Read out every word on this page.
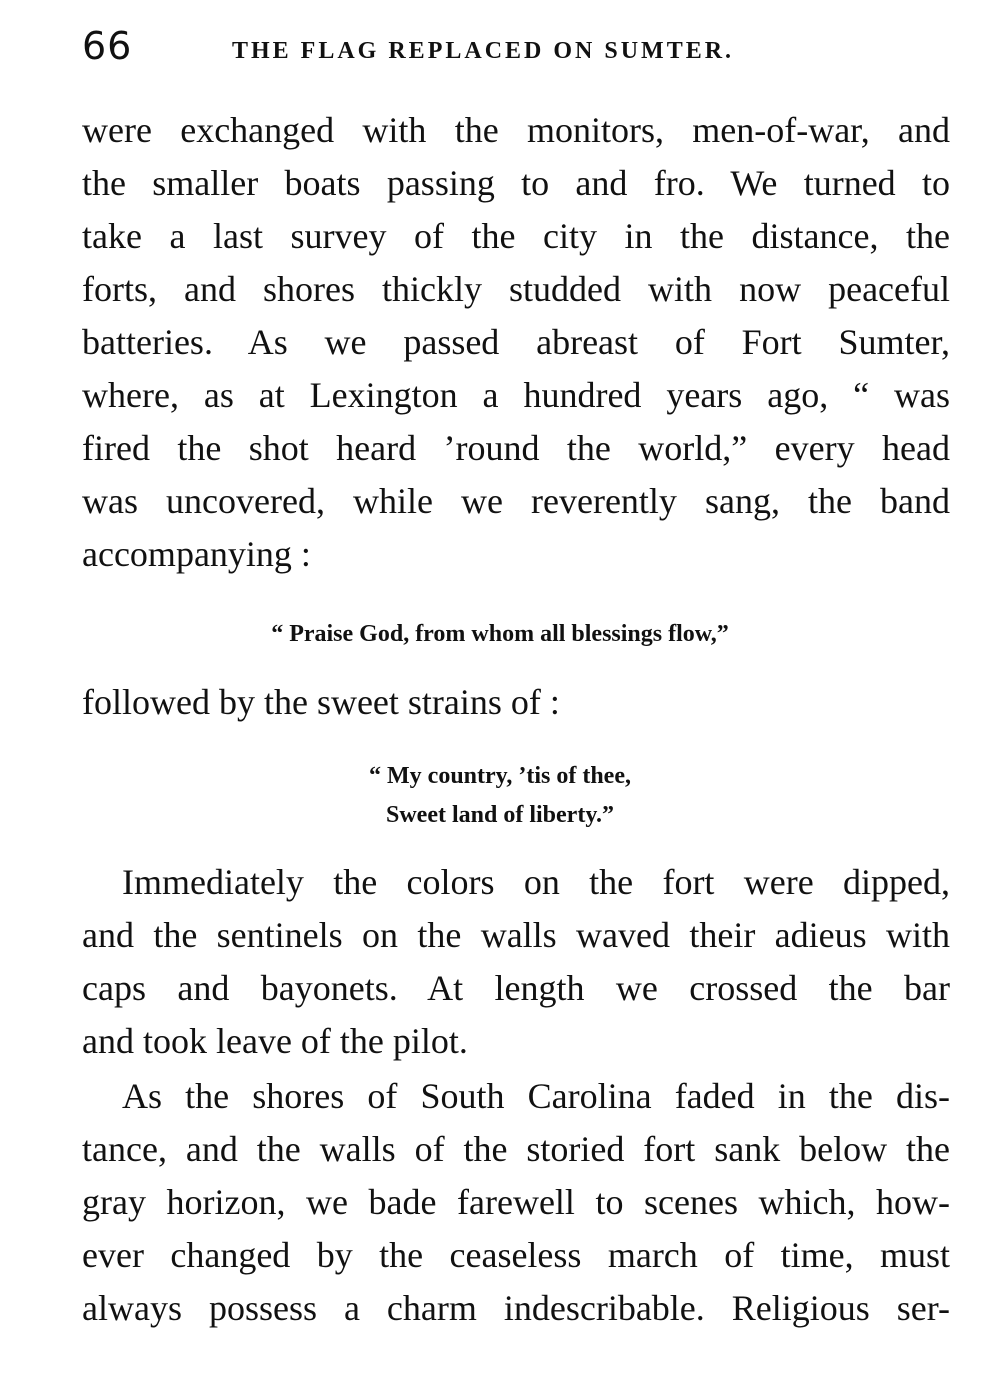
66	THE FLAG REPLACED ON SUMTER.
were exchanged with the monitors, men-of-war, and
the smaller boats passing to and fro. We turned to
take a last survey of the city in the distance, the
forts, and shores thickly studded with now peaceful
batteries. As we passed abreast of Fort Sumter,
where, as at Lexington a hundred years ago, “ was
fired the shot heard ’round the world,” every head
was uncovered, while we reverently sang, the band
accompanying :
“ Praise God, from whom all blessings flow,”
followed by the sweet strains of :
“ My country, ’tis of thee,
Sweet land of liberty.”
Immediately the colors on the fort were dipped,
and the sentinels on the walls waved their adieus with
caps and bayonets. At length we crossed the bar
and took leave of the pilot.
As the shores of South Carolina faded in the dis-
tance, and the walls of the storied fort sank below the
gray horizon, we bade farewell to scenes which, how-
ever changed by the ceaseless march of time, must
always possess a charm indescribable. Religious ser-
